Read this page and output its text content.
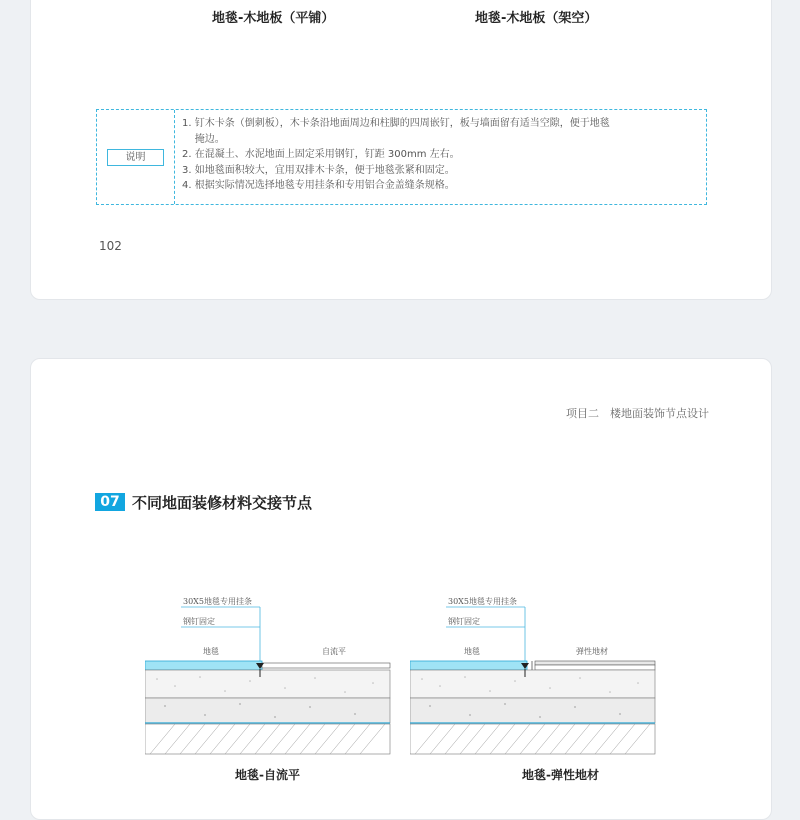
地毯-木地板（平铺）	地毯-木地板（架空）
说明
1. 钉木卡条（倒刺板），木卡条沿地面周边和柱脚的四周嵌钉，板与墙面留有适当空隙，便于地毯
掩边。
2. 在混凝土、水泥地面上固定采用钢钉，钉距 300mm 左右。
3. 如地毯面积较大，宜用双排木卡条，便于地毯张紧和固定。
4. 根据实际情况选择地毯专用挂条和专用铝合金盖缝条规格。
102
项目二　楼地面装饰节点设计
07 不同地面装修材料交接节点
30X5地毯专用挂条
钢钉固定
地毯	自流平
地毯-自流平
30X5地毯专用挂条
钢钉固定
地毯	弹性地材
地毯-弹性地材
